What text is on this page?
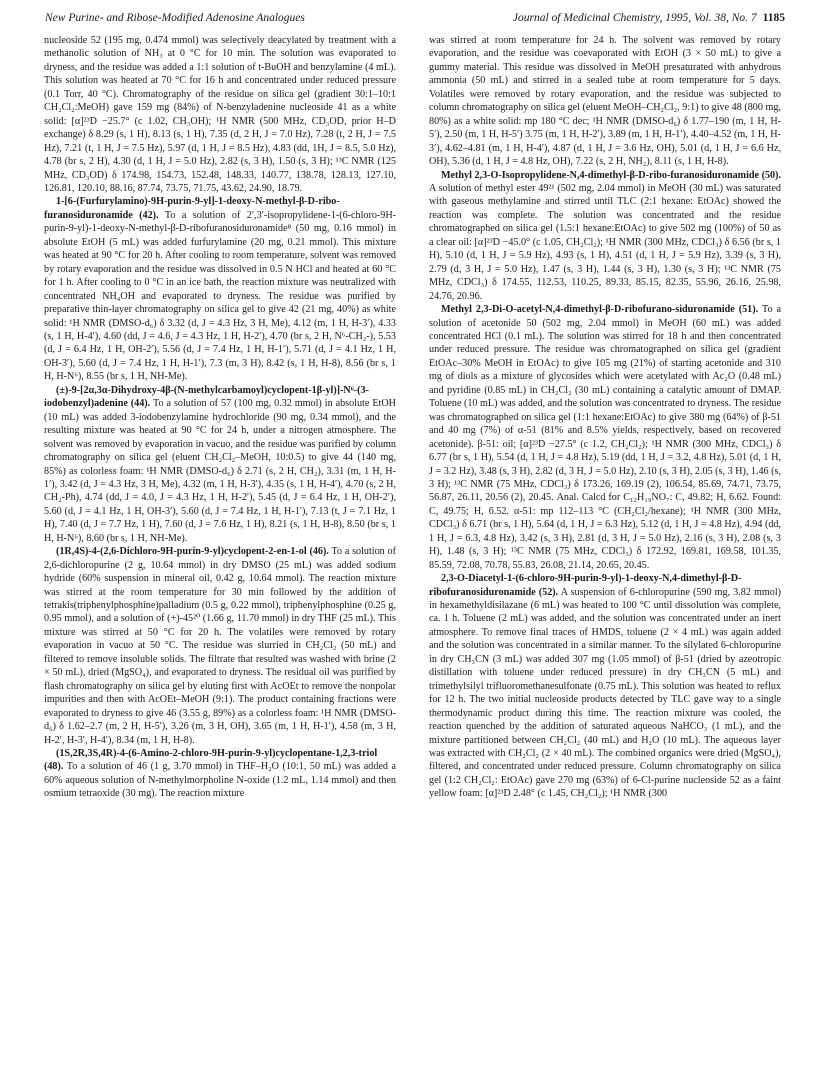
New Purine- and Ribose-Modified Adenosine Analogues	Journal of Medicinal Chemistry, 1995, Vol. 38, No. 7 1185

nucleoside 52 (195 mg, 0.474 mmol) was selectively deacylated by treatment with a methanolic solution of NH₃ at 0 °C for 10 min. The solution was evaporated to dryness, and the residue was added a 1:1 solution of t-BuOH and benzylamine (4 mL). This solution was heated at 70 °C for 16 h and concentrated under reduced pressure (0.1 Torr, 40 °C). Chromatography of the residue on silica gel (gradient 30:1–10:1 CH₂Cl₂:MeOH) gave 159 mg (84%) of N-benzyladenine nucleoside 41 as a white solid: [α]²³D −25.7° (c 1.02, CH₃OH); ¹H NMR (500 MHz, CD₃OD, prior H–D exchange) δ 8.29 (s, 1 H), 8.13 (s, 1 H), 7.35 (d, 2 H, J = 7.0 Hz), 7.28 (t, 2 H, J = 7.5 Hz), 7.21 (t, 1 H, J = 7.5 Hz), 5.97 (d, 1 H, J = 8.5 Hz), 4.83 (dd, 1H, J = 8.5, 5.0 Hz), 4.78 (br s, 2 H), 4.30 (d, 1 H, J = 5.0 Hz), 2.82 (s, 3 H), 1.50 (s, 3 H); ¹³C NMR (125 MHz, CD₃OD) δ 174.98, 154.73, 152.48, 148.33, 140.77, 138.78, 128.13, 127.10, 126.81, 120.10, 88.16, 87.74, 73.75, 71.75, 43.62, 24.90, 18.79.

1-[6-(Furfurylamino)-9H-purin-9-yl]-1-deoxy-N-methyl-β-D-ribo-furanosiduronamide (42). To a solution of 2′,3′-isopropylidene-1-(6-chloro-9H-purin-9-yl)-1-deoxy-N-methyl-β-D-ribofuranosiduronamide⁸ (50 mg, 0.16 mmol) in absolute EtOH (5 mL) was added furfurylamine (20 mg, 0.21 mmol). This mixture was heated at 90 °C for 20 h. After cooling to room temperature, solvent was removed by rotary evaporation and the residue was dissolved in 0.5 N HCl and heated at 60 °C for 1 h. After cooling to 0 °C in an ice bath, the reaction mixture was neutralized with concentrated NH₄OH and evaporated to dryness. The residue was purified by preparative thin-layer chromatography on silica gel to give 42 (21 mg, 40%) as white solid: ¹H NMR (DMSO-d₆) δ 3.32 (d, J = 4.3 Hz, 3 H, Me), 4.12 (m, 1 H, H-3′), 4.33 (s, 1 H, H-4′), 4.60 (dd, J = 4.6, J = 4.3 Hz, 1 H, H-2′), 4.70 (br s, 2 H, N⁶-CH₂-), 5.53 (d, J = 6.4 Hz, 1 H, OH-2′), 5.56 (d, J = 7.4 Hz, 1 H, H-1′), 5.71 (d, J = 4.1 Hz, 1 H, OH-3′), 5.60 (d, J = 7.4 Hz, 1 H, H-1′), 7.3 (m, 3 H), 8.42 (s, 1 H, H-8), 8.56 (br s, 1 H, H-N⁶), 8.55 (br s, 1 H, NH-Me).

(±)-9-[2α,3α-Dihydroxy-4β-(N-methylcarbamoyl)cyclopent-1β-yl)]-N⁶-(3-iodobenzyl)adenine (44). To a solution of 57 (100 mg, 0.32 mmol) in absolute EtOH (10 mL) was added 3-iodobenzylamine hydrochloride (90 mg, 0.34 mmol), and the resulting mixture was heated at 90 °C for 24 h, under a nitrogen atmosphere. The solvent was removed by evaporation in vacuo, and the residue was purified by column chromatography on silica gel (eluent CH₂Cl₂–MeOH, 10:0.5) to give 44 (140 mg, 85%) as colorless foam: ¹H NMR (DMSO-d₆) δ 2.71 (s, 2 H, CH₂), 3.31 (m, 1 H, H-1′), 3.42 (d, J = 4.3 Hz, 3 H, Me), 4.32 (m, 1 H, H-3′), 4.35 (s, 1 H, H-4′), 4.70 (s, 2 H, CH₂-Ph), 4.74 (dd, J = 4.0, J = 4.3 Hz, 1 H, H-2′), 5.45 (d, J = 6.4 Hz, 1 H, OH-2′), 5.60 (d, J = 4.1 Hz, 1 H, OH-3′), 5.60 (d, J = 7.4 Hz, 1 H, H-1′), 7.13 (t, J = 7.1 Hz, 1 H), 7.40 (d, J = 7.7 Hz, 1 H), 7.60 (d, J = 7.6 Hz, 1 H), 8.21 (s, 1 H, H-8), 8.50 (br s, 1 H, H-N⁶), 8.60 (br s, 1 H, NH-Me).

(1R,4S)-4-(2,6-Dichloro-9H-purin-9-yl)cyclopent-2-en-1-ol (46). To a solution of 2,6-dichloropurine (2 g, 10.64 mmol) in dry DMSO (25 mL) was added sodium hydride (60% suspension in mineral oil, 0.42 g, 10.64 mmol). The reaction mixture was stirred at the room temperature for 30 min followed by the addition of tetrakis(triphenylphosphine)palladium (0.5 g, 0.22 mmol), triphenylphosphine (0.25 g, 0.95 mmol), and a solution of (+)-45²⁰ (1.66 g, 11.70 mmol) in dry THF (25 mL). This mixture was stirred at 50 °C for 20 h. The volatiles were removed by rotary evaporation in vacuo at 50 °C. The residue was slurried in CH₂Cl₂ (50 mL) and filtered to remove insoluble solids. The filtrate that resulted was washed with brine (2 × 50 mL), dried (MgSO₄), and evaporated to dryness. The residual oil was purified by flash chromatography on silica gel by eluting first with AcOEt to remove the nonpolar impurities and then with AcOEt–MeOH (9:1). The product containing fractions were evaporated to dryness to give 46 (3.55 g, 89%) as a colorless foam: ¹H NMR (DMSO-d₆) δ 1.62–2.7 (m, 2 H, H-5′), 3.26 (m, 3 H, OH), 3.65 (m, 1 H, H-1′), 4.58 (m, 3 H, H-2′, H-3′, H-4′), 8.34 (m, 1 H, H-8).

(1S,2R,3S,4R)-4-(6-Amino-2-chloro-9H-purin-9-yl)cyclopentane-1,2,3-triol (48). To a solution of 46 (1 g, 3.70 mmol) in THF–H₂O (10:1, 50 mL) was added a 60% aqueous solution of N-methylmorpholine N-oxide (1.2 mL, 1.14 mmol) and then osmium tetraoxide (30 mg). The reaction mixture

was stirred at room temperature for 24 h. The solvent was removed by rotary evaporation, and the residue was coevaporated with EtOH (3 × 50 mL) to give a gummy material. This residue was dissolved in MeOH presaturated with anhydrous ammonia (50 mL) and stirred in a sealed tube at room temperature for 5 days. Volatiles were removed by rotary evaporation, and the residue was subjected to column chromatography on silica gel (eluent MeOH–CH₂Cl₂, 9:1) to give 48 (800 mg, 80%) as a white solid: mp 180 °C dec; ¹H NMR (DMSO-d₆) δ 1.77–190 (m, 1 H, H-5′), 2.50 (m, 1 H, H-5′) 3.75 (m, 1 H, H-2′), 3.89 (m, 1 H, H-1′), 4.40–4.52 (m, 1 H, H-3′), 4.62–4.81 (m, 1 H, H-4′), 4.87 (d, 1 H, J = 3.6 Hz, OH), 5.01 (d, 1 H, J = 6.6 Hz, OH), 5.36 (d, 1 H, J = 4.8 Hz, OH), 7.22 (s, 2 H, NH₂), 8.11 (s, 1 H, H-8).

Methyl 2,3-O-Isopropylidene-N,4-dimethyl-β-D-ribo-furanosiduronamide (50). A solution of methyl ester 49²¹ (502 mg, 2.04 mmol) in MeOH (30 mL) was saturated with gaseous methylamine and stirred until TLC (2:1 hexane: EtOAc) showed the reaction was complete. The solution was concentrated and the residue chromatographed on silica gel (1.5:1 hexane:EtOAc) to give 502 mg (100%) of 50 as a clear oil: [α]²³D −45.0° (c 1.05, CH₂Cl₂); ¹H NMR (300 MHz, CDCl₃) δ 6.56 (br s, 1 H), 5.10 (d, 1 H, J = 5.9 Hz), 4.93 (s, 1 H), 4.51 (d, 1 H, J = 5.9 Hz), 3.39 (s, 3 H), 2.79 (d, 3 H, J = 5.0 Hz), 1.47 (s, 3 H), 1.44 (s, 3 H), 1.30 (s, 3 H); ¹³C NMR (75 MHz, CDCl₃) δ 174.55, 112.53, 110.25, 89.33, 85.15, 82.35, 55.96, 26.16, 25.98, 24.76, 20.96.

Methyl 2,3-Di-O-acetyl-N,4-dimethyl-β-D-ribofurano-siduronamide (51). To a solution of acetonide 50 (502 mg, 2.04 mmol) in MeOH (60 mL) was added concentrated HCl (0.1 mL). The solution was stirred for 18 h and then concentrated under reduced pressure. The residue was chromatographed on silica gel (gradient EtOAc–30% MeOH in EtOAc) to give 105 mg (21%) of starting acetonide and 310 mg of diols as a mixture of glycosides which were acetylated with Ac₂O (0.48 mL) and pyridine (0.85 mL) in CH₂Cl₂ (30 mL) containing a catalytic amount of DMAP. Toluene (10 mL) was added, and the solution was concentrated to dryness. The residue was chromatographed on silica gel (1:1 hexane:EtOAc) to give 380 mg (64%) of β-51 and 40 mg (7%) of α-51 (81% and 8.5% yields, respectively, based on recovered acetonide). β-51: oil; [α]²³D −27.5° (c 1.2, CH₂Cl₂); ¹H NMR (300 MHz, CDCl₃) δ 6.77 (br s, 1 H), 5.54 (d, 1 H, J = 4.8 Hz), 5.19 (dd, 1 H, J = 3.2, 4.8 Hz), 5.01 (d, 1 H, J = 3.2 Hz), 3.48 (s, 3 H), 2.82 (d, 3 H, J = 5.0 Hz), 2.10 (s, 3 H), 2.05 (s, 3 H), 1.46 (s, 3 H); ¹³C NMR (75 MHz, CDCl₃) δ 173.26, 169.19 (2), 106.54, 85.69, 74.71, 73.75, 56.87, 26.11, 20.56 (2), 20.45. Anal. Calcd for C₁₂H₁₉NO₇: C, 49.82; H, 6.62. Found: C, 49.75; H, 6.52. α-51: mp 112–113 °C (CH₂Cl₂/hexane); ¹H NMR (300 MHz, CDCl₃) δ 6.71 (br s, 1 H), 5.64 (d, 1 H, J = 6.3 Hz), 5.12 (d, 1 H, J = 4.8 Hz), 4.94 (dd, 1 H, J = 6.3, 4.8 Hz), 3.42 (s, 3 H), 2.81 (d, 3 H, J = 5.0 Hz), 2.16 (s, 3 H), 2.08 (s, 3 H), 1.48 (s, 3 H); ¹³C NMR (75 MHz, CDCl₃) δ 172.92, 169.81, 169.58, 101.35, 85.59, 72.08, 70.78, 55.83, 26.08, 21.14, 20.65, 20.45.

2,3-O-Diacetyl-1-(6-chloro-9H-purin-9-yl)-1-deoxy-N,4-dimethyl-β-D-ribofuranosiduronamide (52). A suspension of 6-chloropurine (590 mg, 3.82 mmol) in hexamethyldisilazane (6 mL) was heated to 100 °C until dissolution was complete, ca. 1 h. Toluene (2 mL) was added, and the solution was concentrated under an inert atmosphere. To remove final traces of HMDS, toluene (2 × 4 mL) was again added and the solution was concentrated in a similar manner. To the silylated 6-chloropurine in dry CH₃CN (3 mL) was added 307 mg (1.05 mmol) of β-51 (dried by azeotropic distillation with toluene under reduced pressure) in dry CH₃CN (5 mL) and trimethylsilyl trifluoromethanesulfonate (0.75 mL). This solution was heated to reflux for 12 h. The two initial nucleoside products detected by TLC gave way to a single thermodynamic product during this time. The reaction mixture was cooled, the reaction quenched by the addition of saturated aqueous NaHCO₃ (1 mL), and the mixture partitioned between CH₂Cl₂ (40 mL) and H₂O (10 mL). The aqueous layer was extracted with CH₂Cl₂ (2 × 40 mL). The combined organics were dried (MgSO₄), filtered, and concentrated under reduced pressure. Column chromatography on silica gel (1:2 CH₂Cl₂: EtOAc) gave 270 mg (63%) of 6-Cl-purine nucleoside 52 as a faint yellow foam: [α]²³D 2.48° (c 1.45, CH₂Cl₂); ¹H NMR (300
